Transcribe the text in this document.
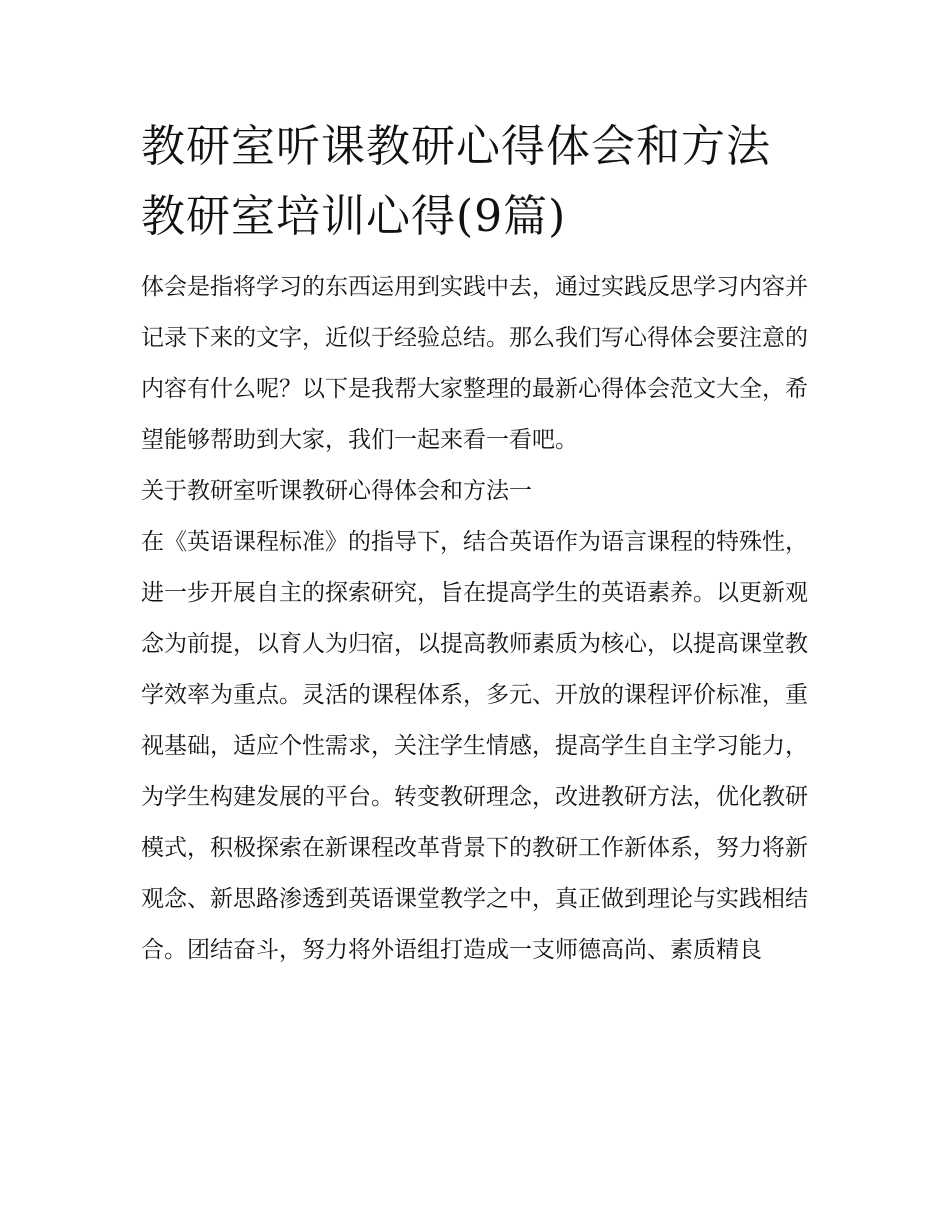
教研室听课教研心得体会和方法 教研室培训心得(9篇)

体会是指将学习的东西运用到实践中去，通过实践反思学习内容并记录下来的文字，近似于经验总结。那么我们写心得体会要注意的内容有什么呢？以下是我帮大家整理的最新心得体会范文大全，希望能够帮助到大家，我们一起来看一看吧。

关于教研室听课教研心得体会和方法一

在《英语课程标准》的指导下，结合英语作为语言课程的特殊性，进一步开展自主的探索研究，旨在提高学生的英语素养。以更新观念为前提，以育人为归宿，以提高教师素质为核心，以提高课堂教学效率为重点。灵活的课程体系，多元、开放的课程评价标准，重视基础，适应个性需求，关注学生情感，提高学生自主学习能力，为学生构建发展的平台。转变教研理念，改进教研方法，优化教研模式，积极探索在新课程改革背景下的教研工作新体系，努力将新观念、新思路渗透到英语课堂教学之中，真正做到理论与实践相结合。团结奋斗，努力将外语组打造成一支师德高尚、素质精良
